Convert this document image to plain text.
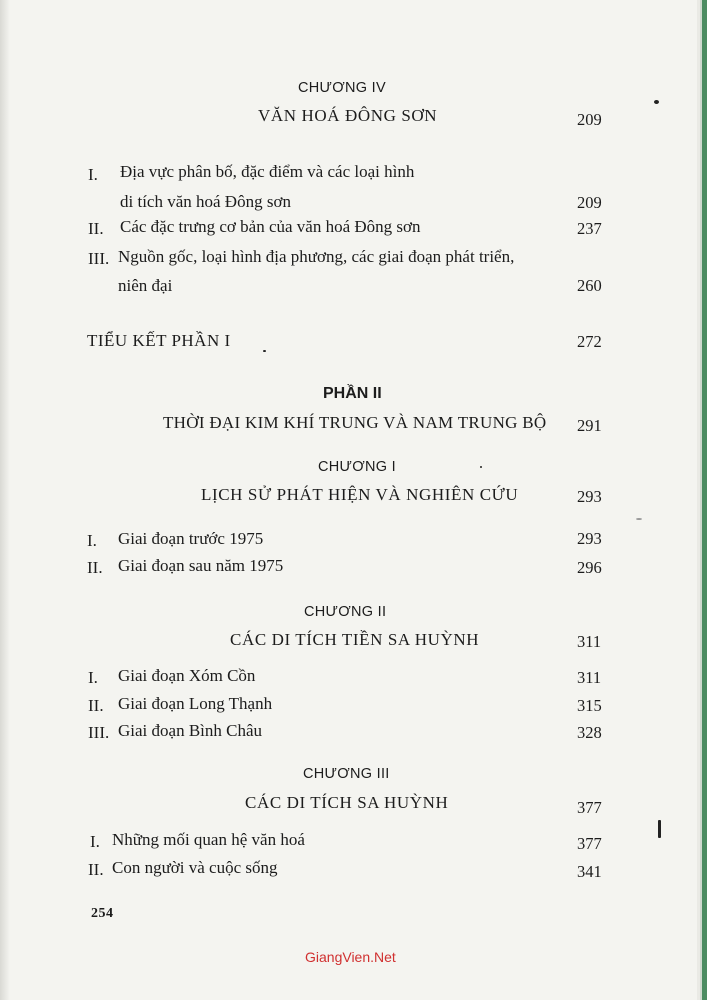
CHƯƠNG IV
VĂN HOÁ ĐÔNG SƠN	209
I. Địa vực phân bố, đặc điểm và các loại hình
di tích văn hoá Đông sơn	209
II. Các đặc trưng cơ bản của văn hoá Đông sơn	237
III. Nguồn gốc, loại hình địa phương, các giai đoạn phát triển,
niên đại	260
TIỂU KẾT PHẦN I	272
PHẦN II
THỜI ĐẠI KIM KHÍ TRUNG VÀ NAM TRUNG BỘ 291
CHƯƠNG I
LỊCH SỬ PHÁT HIỆN VÀ NGHIÊN CỨU	293
I. Giai đoạn trước 1975	293
II. Giai đoạn sau năm 1975	296
CHƯƠNG II
CÁC DI TÍCH TIỀN SA HUỲNH	311
I. Giai đoạn Xóm Cồn	311
II. Giai đoạn Long Thạnh	315
III. Giai đoạn Bình Châu	328
CHƯƠNG III
CÁC DI TÍCH SA HUỲNH	377
I. Những mối quan hệ văn hoá	377
II. Con người và cuộc sống	341
254
GiangVien.Net
